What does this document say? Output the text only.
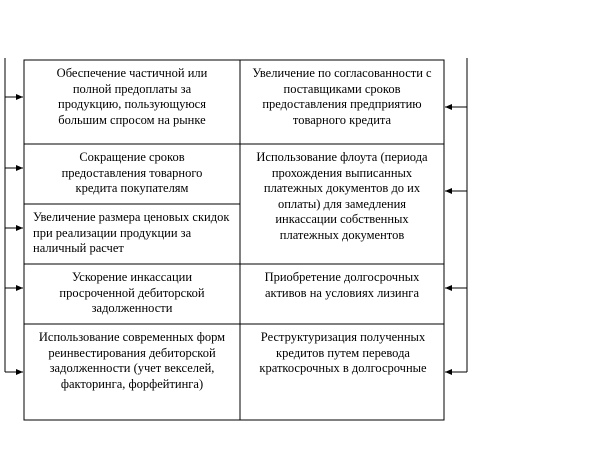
Обеспечение частичной или полной предоплаты за продукцию, пользующуюся большим спросом на рынке
Сокращение сроков предоставления товарного кредита покупателям
Увеличение размера ценовых скидок при реализации продукции за наличный расчет
Ускорение инкассации просроченной дебиторской задолженности
Использование современных форм реинвестирования дебиторской задолженности (учет векселей, факторинга, форфейтинга)
Увеличение по согласованности с поставщиками сроков предоставления предприятию товарного кредита
Использование флоута (периода прохождения выписанных платежных документов до их оплаты) для замедления инкассации собственных платежных документов
Приобретение долгосрочных активов на условиях лизинга
Реструктуризация полученных кредитов путем перевода краткосрочных в долгосрочные
